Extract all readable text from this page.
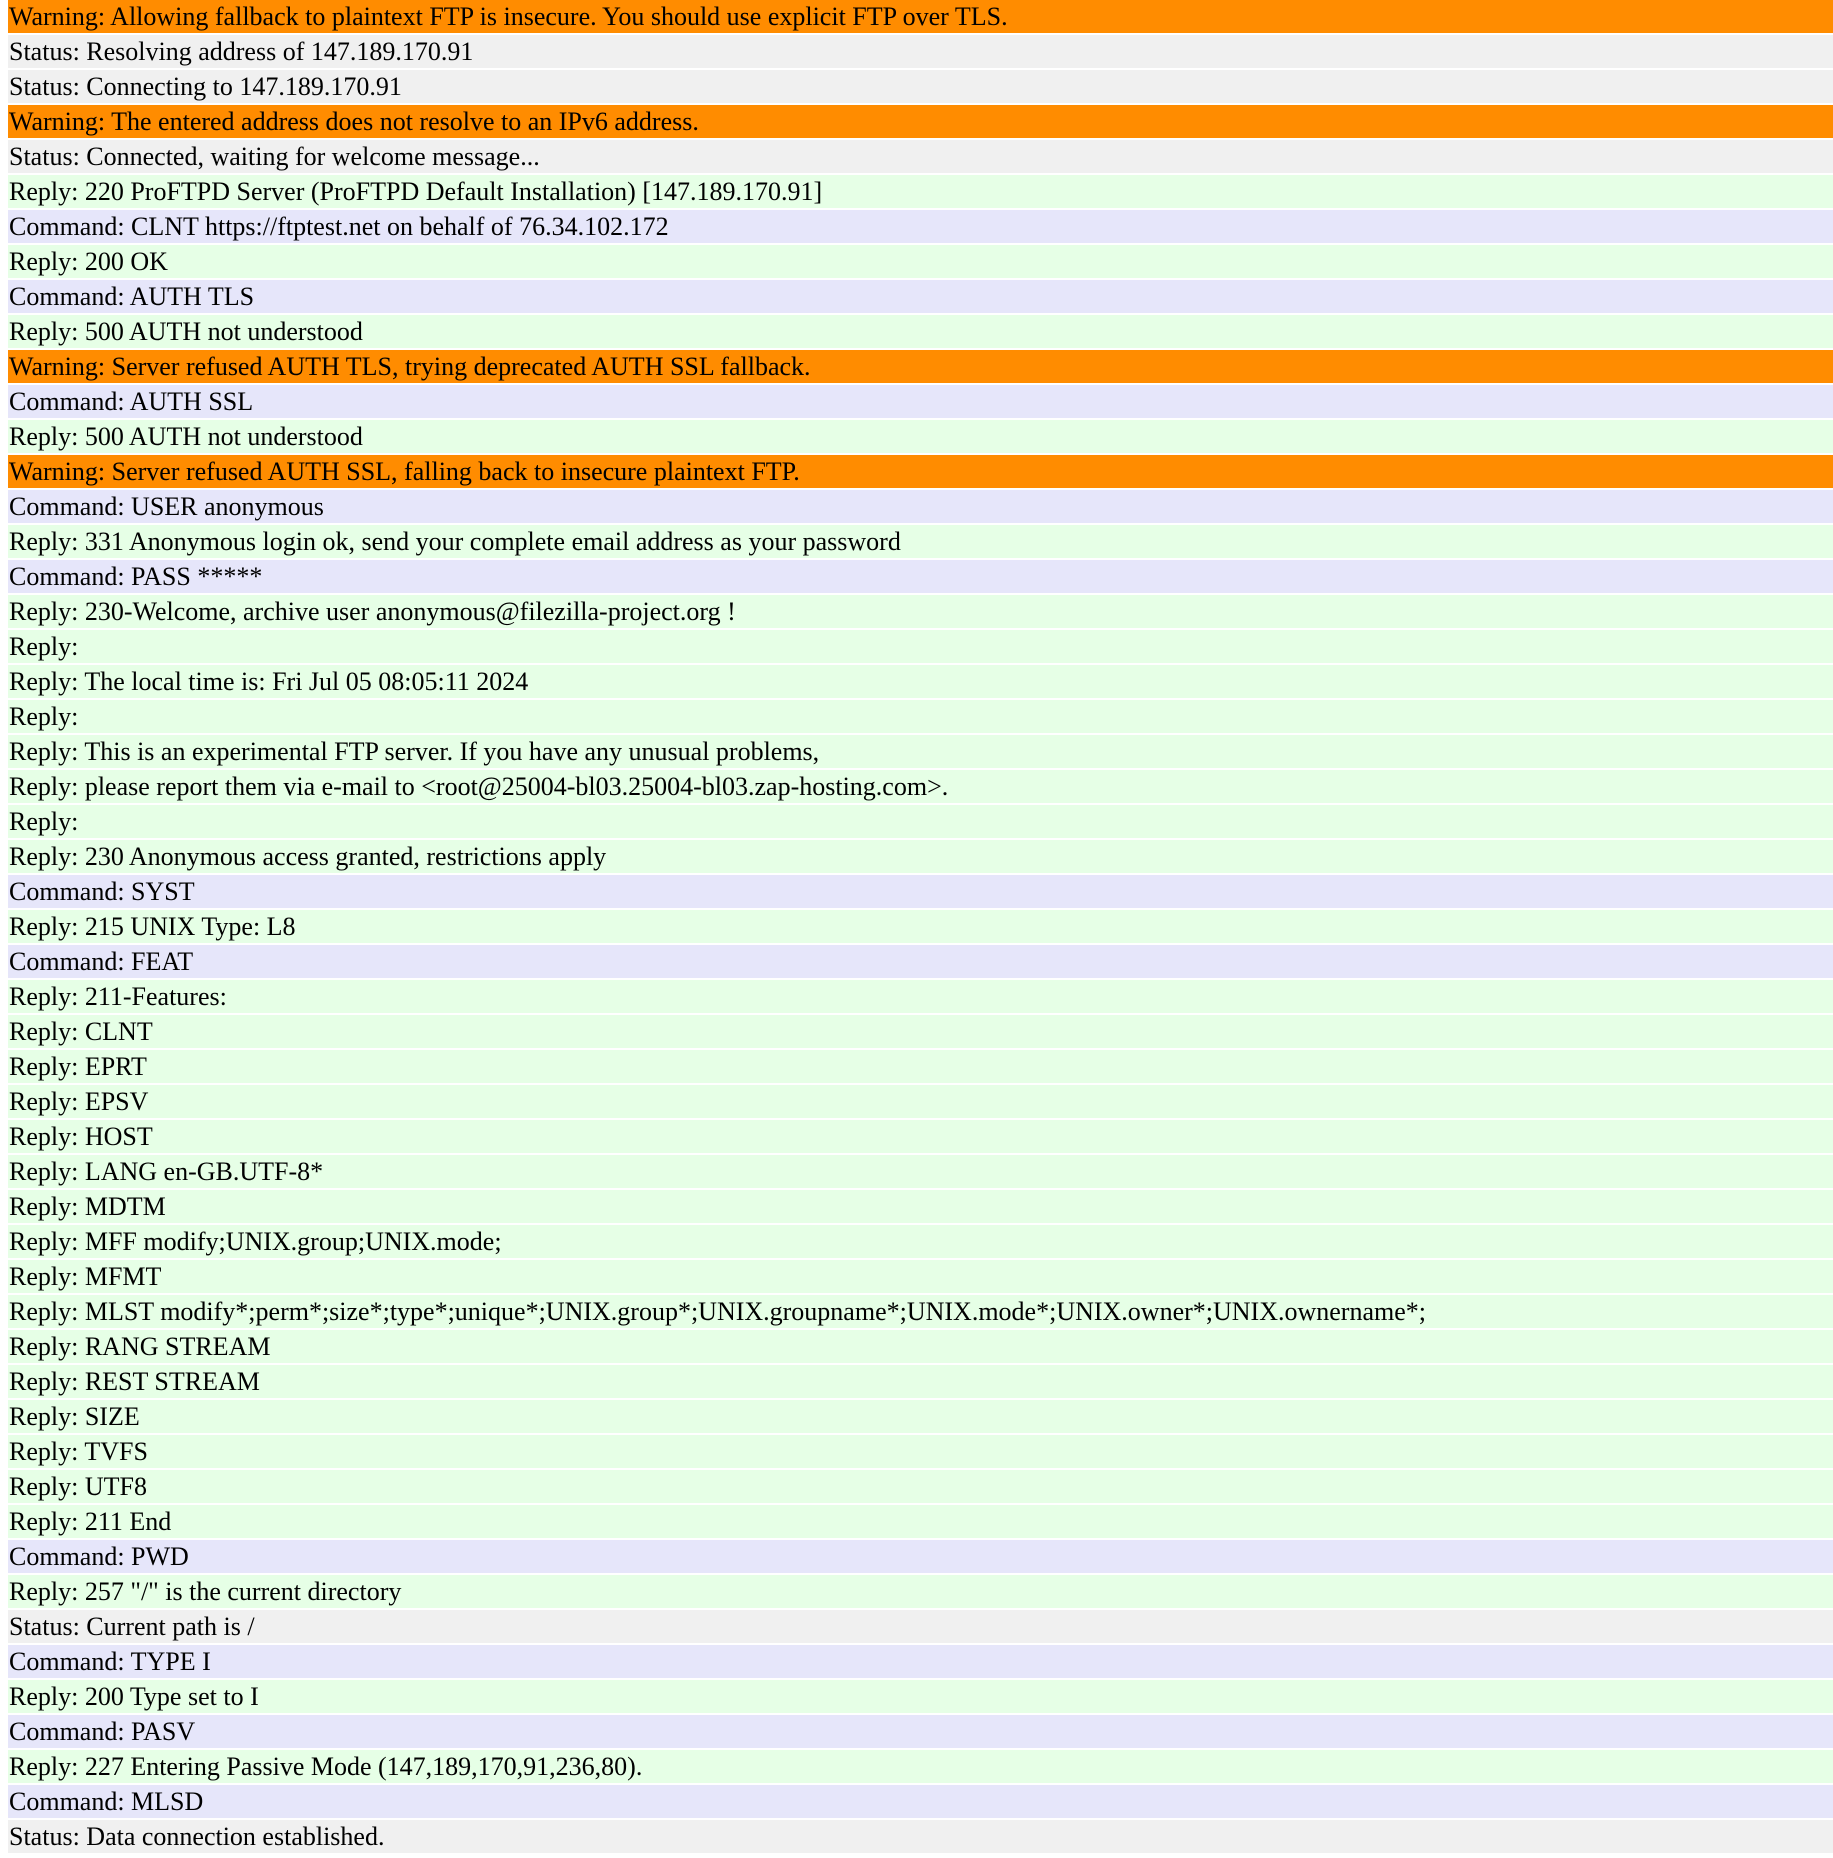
Warning: Allowing fallback to plaintext FTP is insecure. You should use explicit FTP over TLS.
Status: Resolving address of 147.189.170.91
Status: Connecting to 147.189.170.91
Warning: The entered address does not resolve to an IPv6 address.
Status: Connected, waiting for welcome message...
Reply: 220 ProFTPD Server (ProFTPD Default Installation) [147.189.170.91]
Command: CLNT https://ftptest.net on behalf of 76.34.102.172
Reply: 200 OK
Command: AUTH TLS
Reply: 500 AUTH not understood
Warning: Server refused AUTH TLS, trying deprecated AUTH SSL fallback.
Command: AUTH SSL
Reply: 500 AUTH not understood
Warning: Server refused AUTH SSL, falling back to insecure plaintext FTP.
Command: USER anonymous
Reply: 331 Anonymous login ok, send your complete email address as your password
Command: PASS *****
Reply: 230-Welcome, archive user anonymous@filezilla-project.org !
Reply:
Reply: The local time is: Fri Jul 05 08:05:11 2024
Reply:
Reply: This is an experimental FTP server. If you have any unusual problems,
Reply: please report them via e-mail to <root@25004-bl03.25004-bl03.zap-hosting.com>.
Reply:
Reply: 230 Anonymous access granted, restrictions apply
Command: SYST
Reply: 215 UNIX Type: L8
Command: FEAT
Reply: 211-Features:
Reply: CLNT
Reply: EPRT
Reply: EPSV
Reply: HOST
Reply: LANG en-GB.UTF-8*
Reply: MDTM
Reply: MFF modify;UNIX.group;UNIX.mode;
Reply: MFMT
Reply: MLST modify*;perm*;size*;type*;unique*;UNIX.group*;UNIX.groupname*;UNIX.mode*;UNIX.owner*;UNIX.ownername*;
Reply: RANG STREAM
Reply: REST STREAM
Reply: SIZE
Reply: TVFS
Reply: UTF8
Reply: 211 End
Command: PWD
Reply: 257 "/" is the current directory
Status: Current path is /
Command: TYPE I
Reply: 200 Type set to I
Command: PASV
Reply: 227 Entering Passive Mode (147,189,170,91,236,80).
Command: MLSD
Status: Data connection established.
